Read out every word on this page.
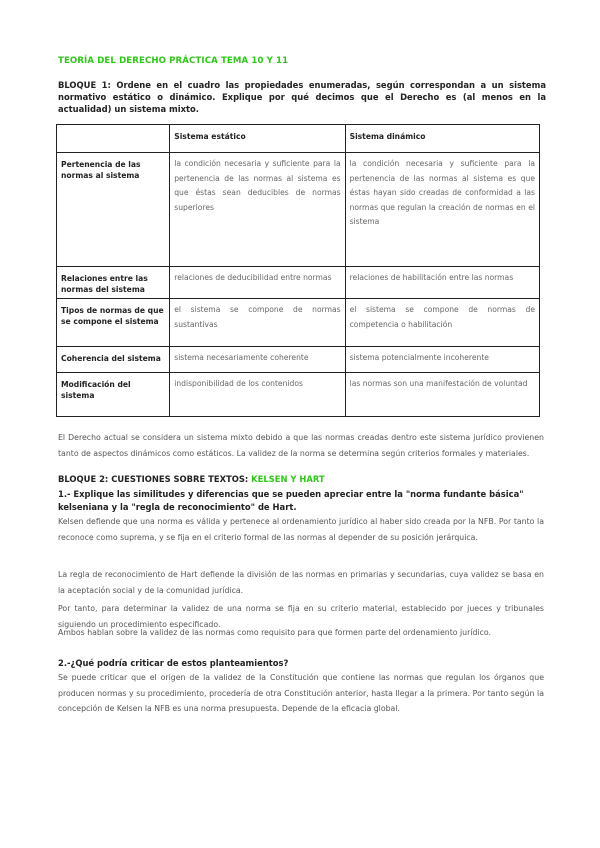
TEORÍA DEL DERECHO PRÁCTICA TEMA 10 Y 11
BLOQUE 1: Ordene en el cuadro las propiedades enumeradas, según correspondan a un sistema normativo estático o dinámico. Explique por qué decimos que el Derecho es (al menos en la actualidad) un sistema mixto.
	Sistema estático	Sistema dinámico
Pertenencia de las normas al sistema	la condición necesaria y suficiente para la pertenencia de las normas al sistema es que éstas sean deducibles de normas superiores	la condición necesaria y suficiente para la pertenencia de las normas al sistema es que éstas hayan sido creadas de conformidad a las normas que regulan la creación de normas en el sistema
Relaciones entre las normas del sistema	relaciones de deducibilidad entre normas	relaciones de habilitación entre las normas
Tipos de normas de que se compone el sistema	el sistema se compone de normas sustantivas	el sistema se compone de normas de competencia o habilitación
Coherencia del sistema	sistema necesariamente coherente	sistema potencialmente incoherente
Modificación del sistema	indisponibilidad de los contenidos	las normas son una manifestación de voluntad
El Derecho actual se considera un sistema mixto debido a que las normas creadas dentro este sistema jurídico provienen tanto de aspectos dinámicos como estáticos. La validez de la norma se determina según criterios formales y materiales.
BLOQUE 2: CUESTIONES SOBRE TEXTOS: KELSEN Y HART
1.- Explique las similitudes y diferencias que se pueden apreciar entre la "norma fundante básica" kelseniana y la "regla de reconocimiento" de Hart.
Kelsen defiende que una norma es válida y pertenece al ordenamiento jurídico al haber sido creada por la NFB. Por tanto la reconoce como suprema, y se fija en el criterio formal de las normas al depender de su posición jerárquica.
La regla de reconocimiento de Hart defiende la división de las normas en primarias y secundarias, cuya validez se basa en la aceptación social y de la comunidad jurídica.
Por tanto, para determinar la validez de una norma se fija en su criterio material, establecido por jueces y tribunales siguiendo un procedimiento especificado.
Ambos hablan sobre la validez de las normas como requisito para que formen parte del ordenamiento jurídico.
2.-¿Qué podría criticar de estos planteamientos?
Se puede criticar que el origen de la validez de la Constitución que contiene las normas que regulan los órganos que producen normas y su procedimiento, procedería de otra Constitución anterior, hasta llegar a la primera. Por tanto según la concepción de Kelsen la NFB es una norma presupuesta. Depende de la eficacia global.
